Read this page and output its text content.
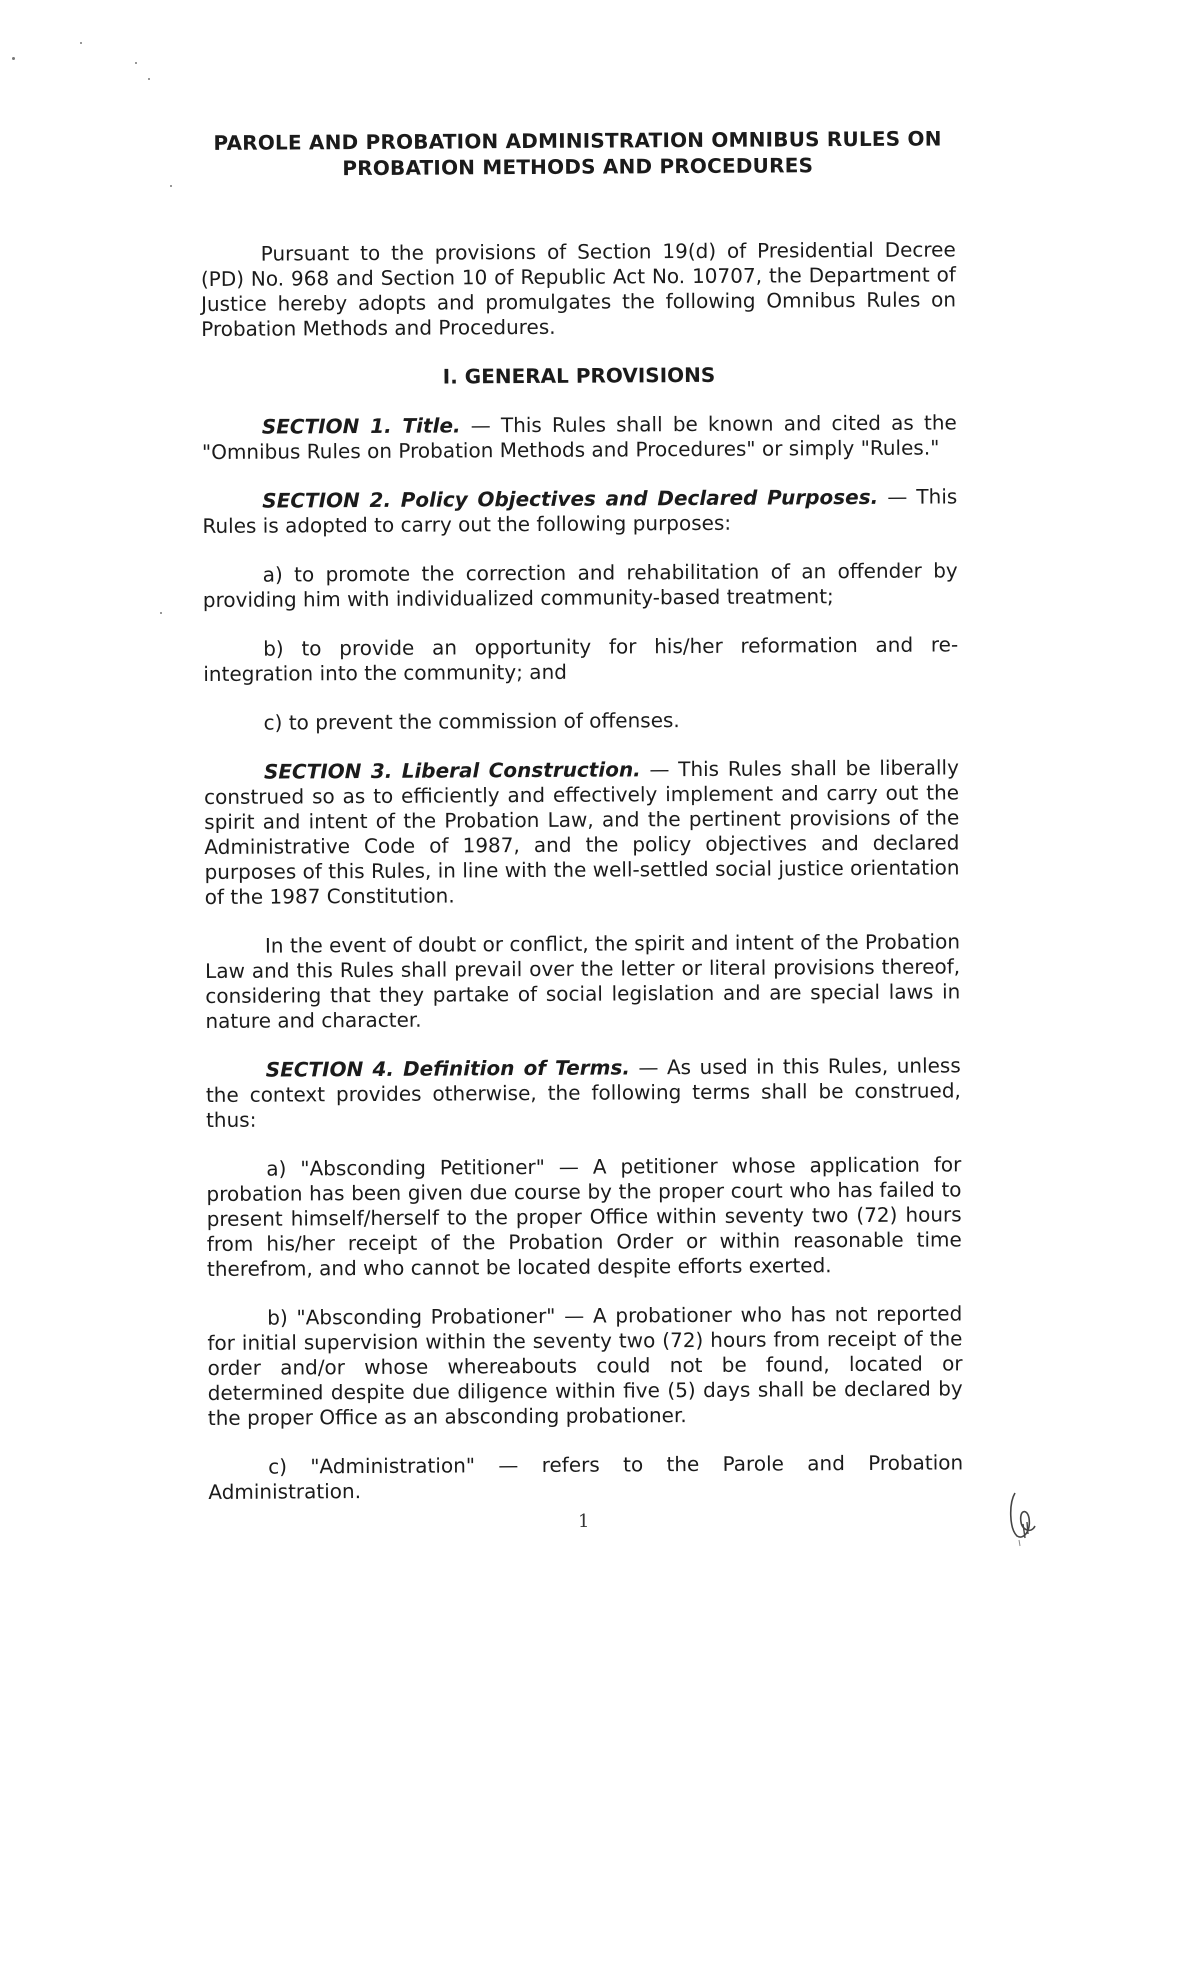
PAROLE AND PROBATION ADMINISTRATION OMNIBUS RULES ON
PROBATION METHODS AND PROCEDURES

Pursuant to the provisions of Section 19(d) of Presidential Decree (PD) No. 968 and Section 10 of Republic Act No. 10707, the Department of Justice hereby adopts and promulgates the following Omnibus Rules on Probation Methods and Procedures.

I. GENERAL PROVISIONS

SECTION 1. Title. — This Rules shall be known and cited as the "Omnibus Rules on Probation Methods and Procedures" or simply "Rules."

SECTION 2. Policy Objectives and Declared Purposes. — This Rules is adopted to carry out the following purposes:

a) to promote the correction and rehabilitation of an offender by providing him with individualized community-based treatment;

b) to provide an opportunity for his/her reformation and re-integration into the community; and

c) to prevent the commission of offenses.

SECTION 3. Liberal Construction. — This Rules shall be liberally construed so as to efficiently and effectively implement and carry out the spirit and intent of the Probation Law, and the pertinent provisions of the Administrative Code of 1987, and the policy objectives and declared purposes of this Rules, in line with the well-settled social justice orientation of the 1987 Constitution.

In the event of doubt or conflict, the spirit and intent of the Probation Law and this Rules shall prevail over the letter or literal provisions thereof, considering that they partake of social legislation and are special laws in nature and character.

SECTION 4. Definition of Terms. — As used in this Rules, unless the context provides otherwise, the following terms shall be construed, thus:

a) "Absconding Petitioner" — A petitioner whose application for probation has been given due course by the proper court who has failed to present himself/herself to the proper Office within seventy two (72) hours from his/her receipt of the Probation Order or within reasonable time therefrom, and who cannot be located despite efforts exerted.

b) "Absconding Probationer" — A probationer who has not reported for initial supervision within the seventy two (72) hours from receipt of the order and/or whose whereabouts could not be found, located or determined despite due diligence within five (5) days shall be declared by the proper Office as an absconding probationer.

c) "Administration" — refers to the Parole and Probation Administration.

1
